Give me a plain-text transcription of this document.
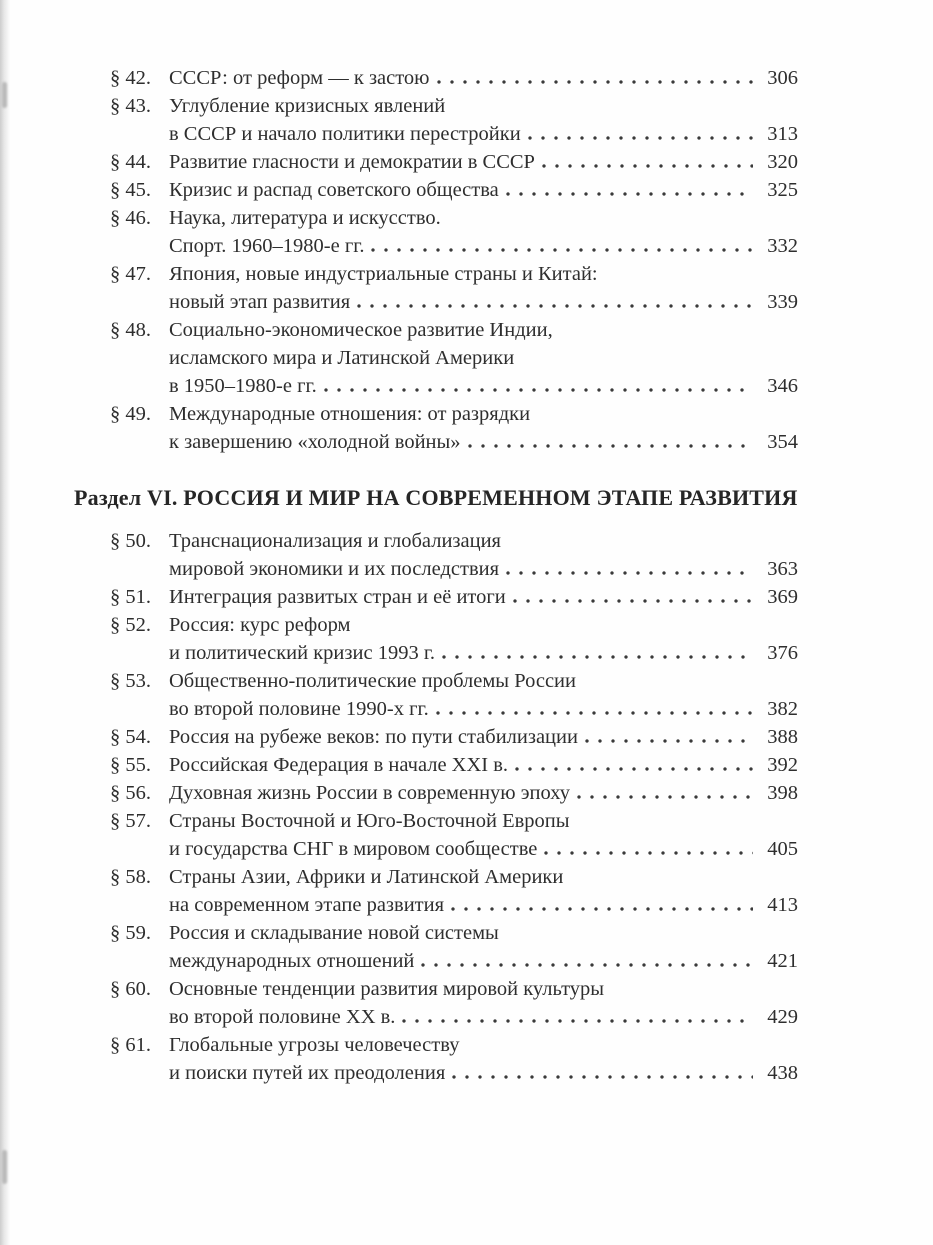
§ 42. СССР: от реформ — к застою	306
§ 43. Углубление кризисных явлений
в СССР и начало политики перестройки	313
§ 44. Развитие гласности и демократии в СССР	320
§ 45. Кризис и распад советского общества	325
§ 46. Наука, литература и искусство.
Спорт. 1960–1980-е гг.	332
§ 47. Япония, новые индустриальные страны и Китай:
новый этап развития	339
§ 48. Социально-экономическое развитие Индии,
исламского мира и Латинской Америки
в 1950–1980-е гг.	346
§ 49. Международные отношения: от разрядки
к завершению «холодной войны»	354
Раздел VI. РОССИЯ И МИР НА СОВРЕМЕННОМ ЭТАПЕ РАЗВИТИЯ
§ 50. Транснационализация и глобализация
мировой экономики и их последствия	363
§ 51. Интеграция развитых стран и её итоги	369
§ 52. Россия: курс реформ
и политический кризис 1993 г.	376
§ 53. Общественно-политические проблемы России
во второй половине 1990-х гг.	382
§ 54. Россия на рубеже веков: по пути стабилизации	388
§ 55. Российская Федерация в начале XXI в.	392
§ 56. Духовная жизнь России в современную эпоху	398
§ 57. Страны Восточной и Юго-Восточной Европы
и государства СНГ в мировом сообществе	405
§ 58. Страны Азии, Африки и Латинской Америки
на современном этапе развития	413
§ 59. Россия и складывание новой системы
международных отношений	421
§ 60. Основные тенденции развития мировой культуры
во второй половине XX в.	429
§ 61. Глобальные угрозы человечеству
и поиски путей их преодоления	438
